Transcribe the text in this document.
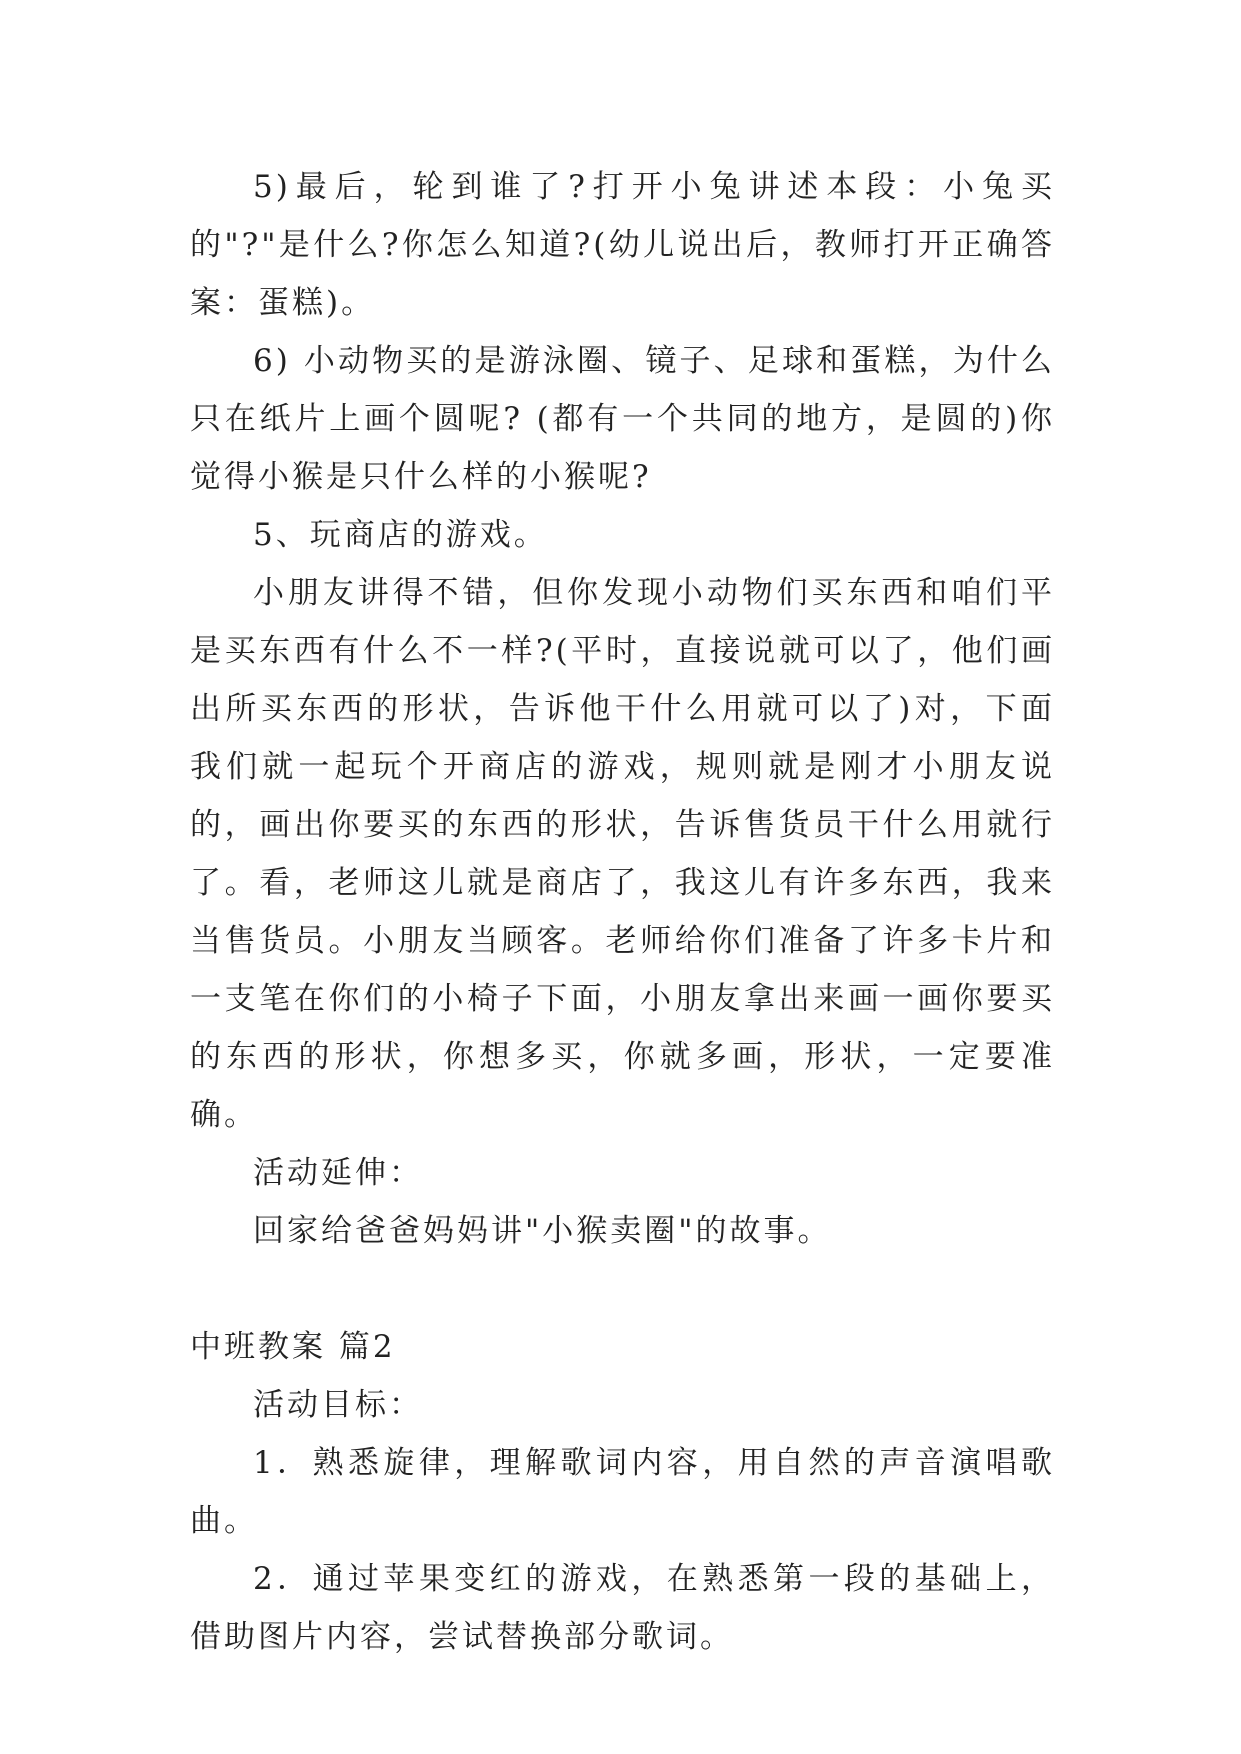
5)最后，轮到谁了?打开小兔讲述本段：小兔买的"?"是什么?你怎么知道?(幼儿说出后，教师打开正确答案：蛋糕)。

6) 小动物买的是游泳圈、镜子、足球和蛋糕，为什么只在纸片上画个圆呢? (都有一个共同的地方，是圆的)你觉得小猴是只什么样的小猴呢?

5、玩商店的游戏。

小朋友讲得不错，但你发现小动物们买东西和咱们平是买东西有什么不一样?(平时，直接说就可以了，他们画出所买东西的形状，告诉他干什么用就可以了)对，下面我们就一起玩个开商店的游戏，规则就是刚才小朋友说的，画出你要买的东西的形状，告诉售货员干什么用就行了。看，老师这儿就是商店了，我这儿有许多东西，我来当售货员。小朋友当顾客。老师给你们准备了许多卡片和一支笔在你们的小椅子下面，小朋友拿出来画一画你要买的东西的形状，你想多买，你就多画，形状，一定要准确。

活动延伸：

回家给爸爸妈妈讲"小猴卖圈"的故事。

中班教案 篇2

活动目标：

1．熟悉旋律，理解歌词内容，用自然的声音演唱歌曲。

2．通过苹果变红的游戏，在熟悉第一段的基础上，借助图片内容，尝试替换部分歌词。
